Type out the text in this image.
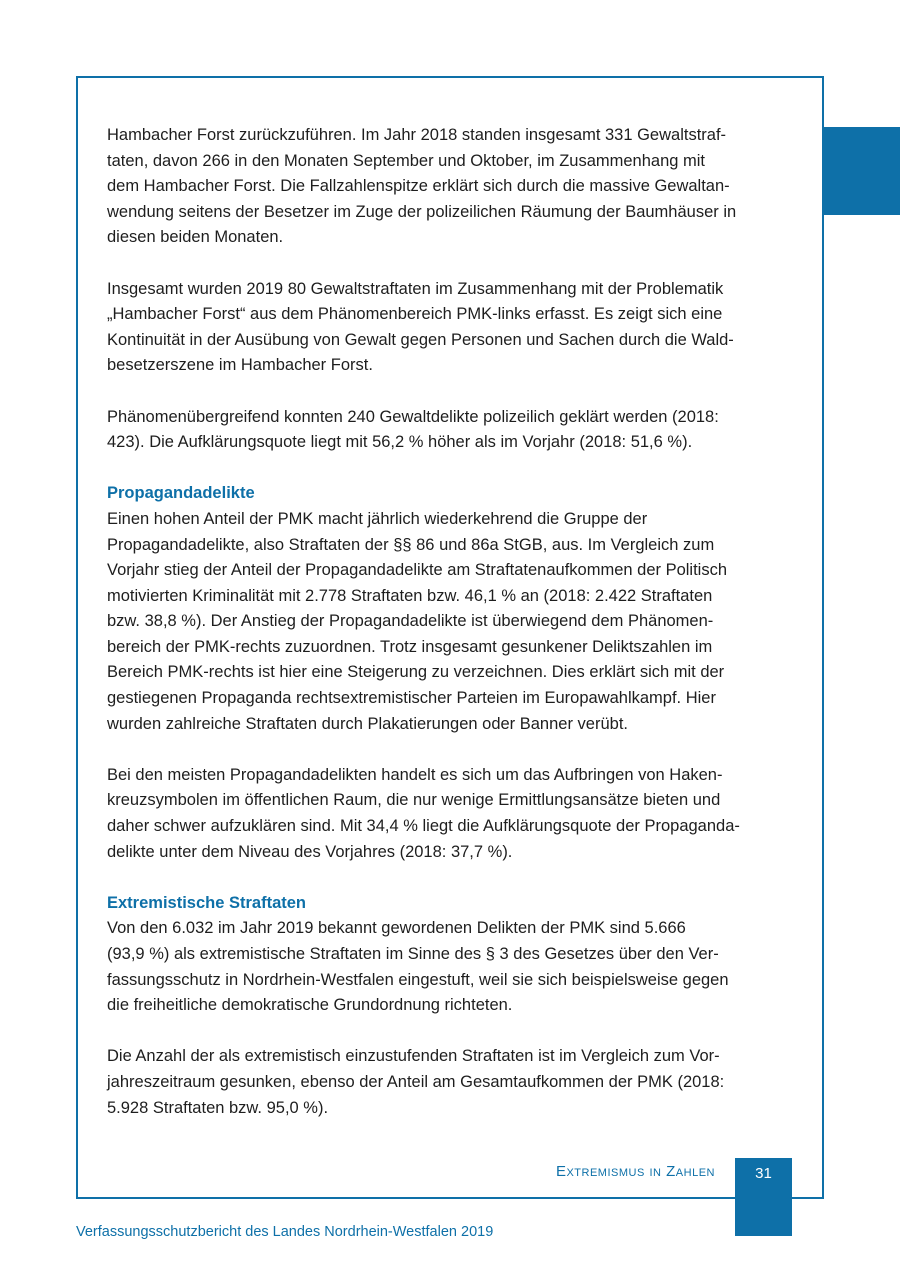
Hambacher Forst zurückzuführen. Im Jahr 2018 standen insgesamt 331 Gewaltstraf-
taten, davon 266 in den Monaten September und Oktober, im Zusammenhang mit
dem Hambacher Forst. Die Fallzahlenspitze erklärt sich durch die massive Gewaltan-
wendung seitens der Besetzer im Zuge der polizeilichen Räumung der Baumhäuser in
diesen beiden Monaten.

Insgesamt wurden 2019 80 Gewaltstraftaten im Zusammenhang mit der Problematik
„Hambacher Forst“ aus dem Phänomenbereich PMK-links erfasst. Es zeigt sich eine
Kontinuität in der Ausübung von Gewalt gegen Personen und Sachen durch die Wald-
besetzerszene im Hambacher Forst.

Phänomenübergreifend konnten 240 Gewaltdelikte polizeilich geklärt werden (2018:
423). Die Aufklärungsquote liegt mit 56,2 % höher als im Vorjahr (2018: 51,6 %).

Propagandadelikte

Einen hohen Anteil der PMK macht jährlich wiederkehrend die Gruppe der
Propagandadelikte, also Straftaten der §§ 86 und 86a StGB, aus. Im Vergleich zum
Vorjahr stieg der Anteil der Propagandadelikte am Straftatenaufkommen der Politisch
motivierten Kriminalität mit 2.778 Straftaten bzw. 46,1 % an (2018: 2.422 Straftaten
bzw. 38,8 %). Der Anstieg der Propagandadelikte ist überwiegend dem Phänomen-
bereich der PMK-rechts zuzuordnen. Trotz insgesamt gesunkener Deliktszahlen im
Bereich PMK-rechts ist hier eine Steigerung zu verzeichnen. Dies erklärt sich mit der
gestiegenen Propaganda rechtsextremistischer Parteien im Europawahlkampf. Hier
wurden zahlreiche Straftaten durch Plakatierungen oder Banner verübt.

Bei den meisten Propagandadelikten handelt es sich um das Aufbringen von Haken-
kreuzsymbolen im öffentlichen Raum, die nur wenige Ermittlungsansätze bieten und
daher schwer aufzuklären sind. Mit 34,4 % liegt die Aufklärungsquote der Propaganda-
delikte unter dem Niveau des Vorjahres (2018: 37,7 %).

Extremistische Straftaten

Von den 6.032 im Jahr 2019 bekannt gewordenen Delikten der PMK sind 5.666
(93,9 %) als extremistische Straftaten im Sinne des § 3 des Gesetzes über den Ver-
fassungsschutz in Nordrhein-Westfalen eingestuft, weil sie sich beispielsweise gegen
die freiheitliche demokratische Grundordnung richteten.

Die Anzahl der als extremistisch einzustufenden Straftaten ist im Vergleich zum Vor-
jahreszeitraum gesunken, ebenso der Anteil am Gesamtaufkommen der PMK (2018:
5.928 Straftaten bzw. 95,0 %).

Extremismus in Zahlen	31
Verfassungsschutzbericht des Landes Nordrhein-Westfalen 2019
